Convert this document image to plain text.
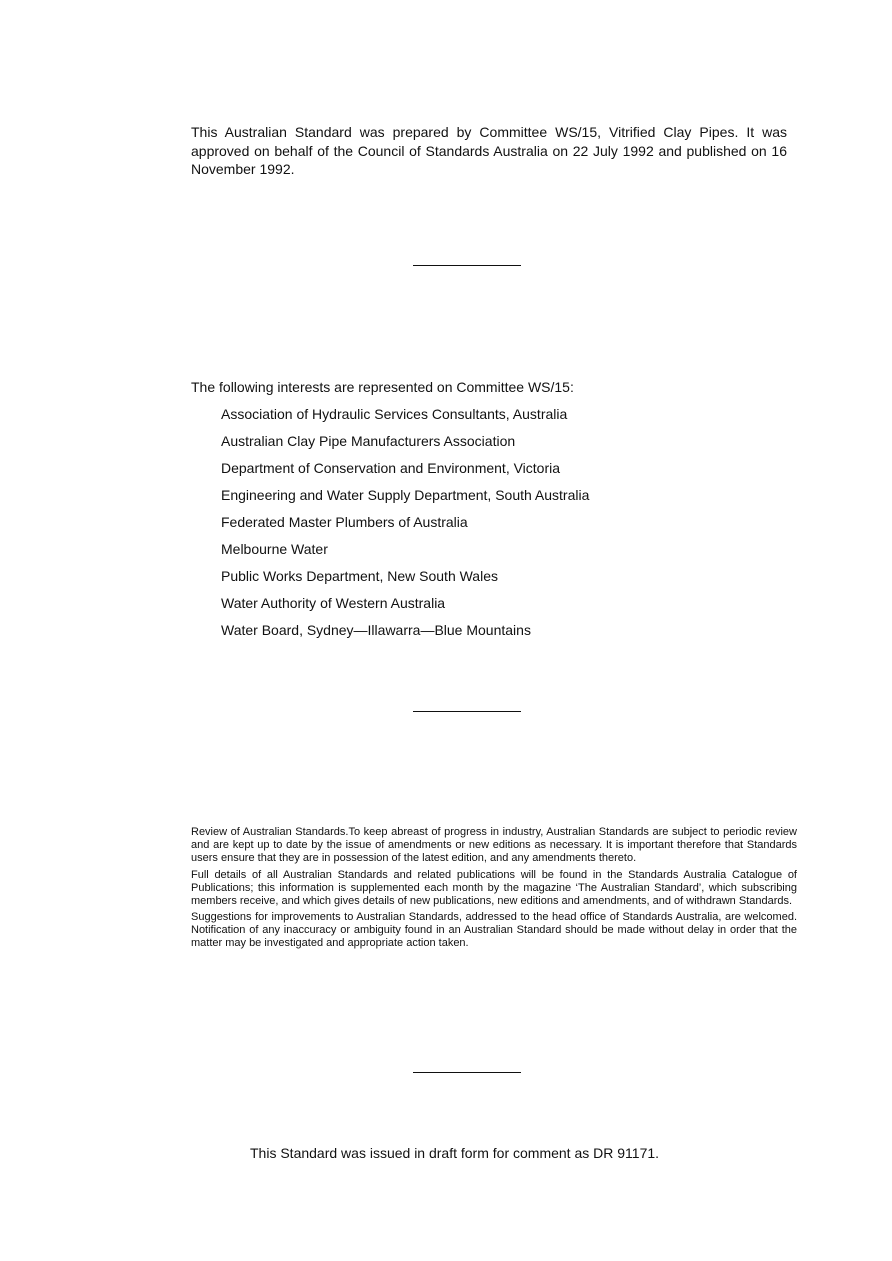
This Australian Standard was prepared by Committee WS/15, Vitrified Clay Pipes. It was approved on behalf of the Council of Standards Australia on 22 July 1992 and published on 16 November 1992.

The following interests are represented on Committee WS/15:
Association of Hydraulic Services Consultants, Australia
Australian Clay Pipe Manufacturers Association
Department of Conservation and Environment, Victoria
Engineering and Water Supply Department, South Australia
Federated Master Plumbers of Australia
Melbourne Water
Public Works Department, New South Wales
Water Authority of Western Australia
Water Board, Sydney—Illawarra—Blue Mountains

Review of Australian Standards.To keep abreast of progress in industry, Australian Standards are subject to periodic review and are kept up to date by the issue of amendments or new editions as necessary. It is important therefore that Standards users ensure that they are in possession of the latest edition, and any amendments thereto.

Full details of all Australian Standards and related publications will be found in the Standards Australia Catalogue of Publications; this information is supplemented each month by the magazine ‘The Australian Standard’, which subscribing members receive, and which gives details of new publications, new editions and amendments, and of withdrawn Standards.

Suggestions for improvements to Australian Standards, addressed to the head office of Standards Australia, are welcomed. Notification of any inaccuracy or ambiguity found in an Australian Standard should be made without delay in order that the matter may be investigated and appropriate action taken.

This Standard was issued in draft form for comment as DR 91171.
